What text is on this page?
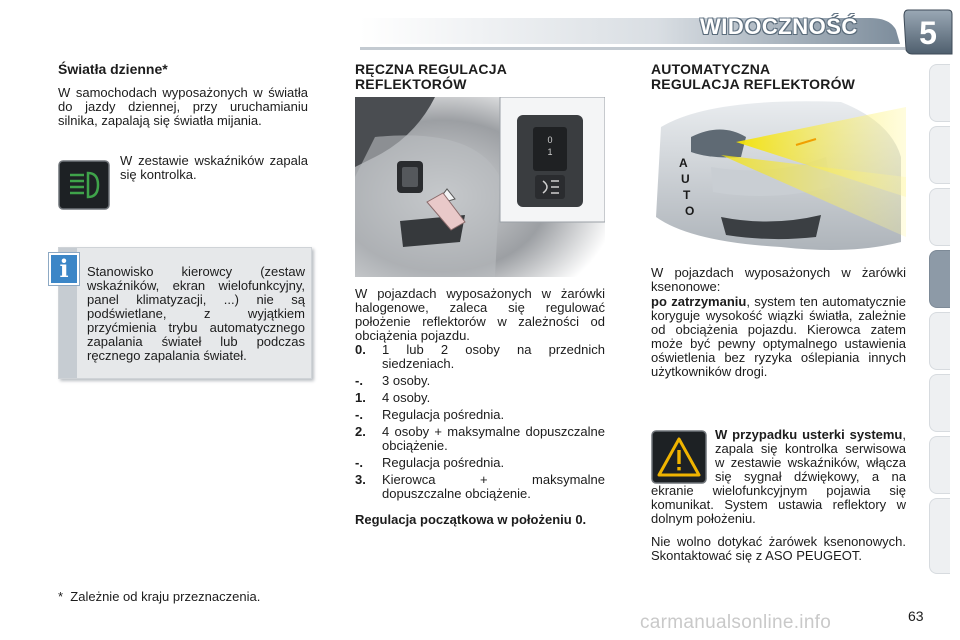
WIDOCZNOŚĆ 5
Światła dzienne*

W samochodach wyposażonych w światła do jazdy dziennej, przy uruchamianiu silnika, zapalają się światła mijania.

W zestawie wskaźników zapala się kontrolka.

Stanowisko kierowcy (zestaw wskaźników, ekran wielofunkcyjny, panel klimatyzacji, ...) nie są podświetlane, z wyjątkiem przyćmienia trybu automatycznego zapalania świateł lub podczas ręcznego zapalania świateł.

i

*  Zależnie od kraju przeznaczenia.

RĘCZNA REGULACJA
REFLEKTORÓW
0
1

W pojazdach wyposażonych w żarówki halogenowe, zaleca się regulować położenie reflektorów w zależności od obciążenia pojazdu.

0.	1 lub 2 osoby na przednich siedzeniach.
-.	3 osoby.
1.	4 osoby.
-.	Regulacja pośrednia.
2.	4 osoby + maksymalne dopuszczalne obciążenie.
-.	Regulacja pośrednia.
3.	Kierowca + maksymalne dopuszczalne obciążenie.

Regulacja początkowa w położeniu 0.

AUTOMATYCZNA
REGULACJA REFLEKTORÓW
A
U
T
O

W pojazdach wyposażonych w żarówki ksenonowe:

po zatrzymaniu, system ten automatycznie koryguje wysokość wiązki światła, zależnie od obciążenia pojazdu. Kierowca zatem może być pewny optymalnego ustawienia oświetlenia bez ryzyka oślepiania innych użytkowników drogi.

W przypadku usterki systemu, zapala się kontrolka serwisowa w zestawie wskaźników, włącza się sygnał dźwiękowy, a na ekranie wielofunkcyjnym pojawia się komunikat. System ustawia reflektory w dolnym położeniu.

Nie wolno dotykać żarówek ksenonowych. Skontaktować się z ASO PEUGEOT.

63
carmanualsonline.info
